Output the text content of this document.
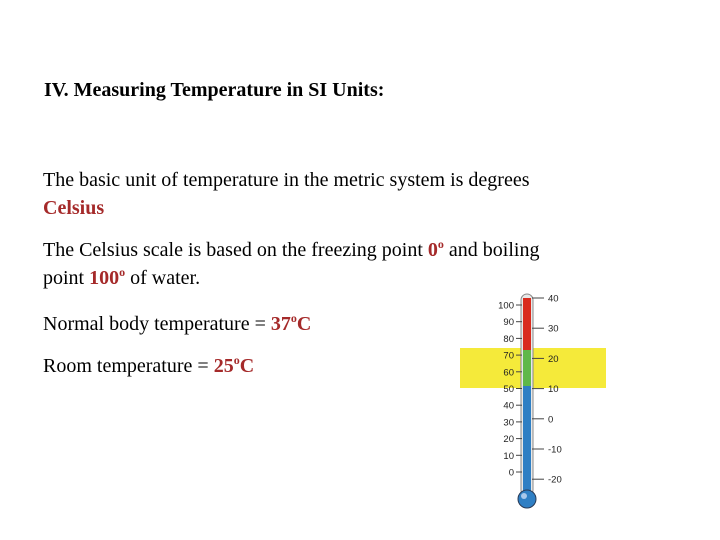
IV. Measuring Temperature in SI Units:

The basic unit of temperature in the metric system is degrees
Celsius

The Celsius scale is based on the freezing point 0$^o$ and boiling
point 100$^o$ of water.

Normal body temperature = $37^oC$

Room temperature = $25^oC$

100
90
80
70
60
50
40
30
20
10
0
40
30
20
10
0
-10
-20
